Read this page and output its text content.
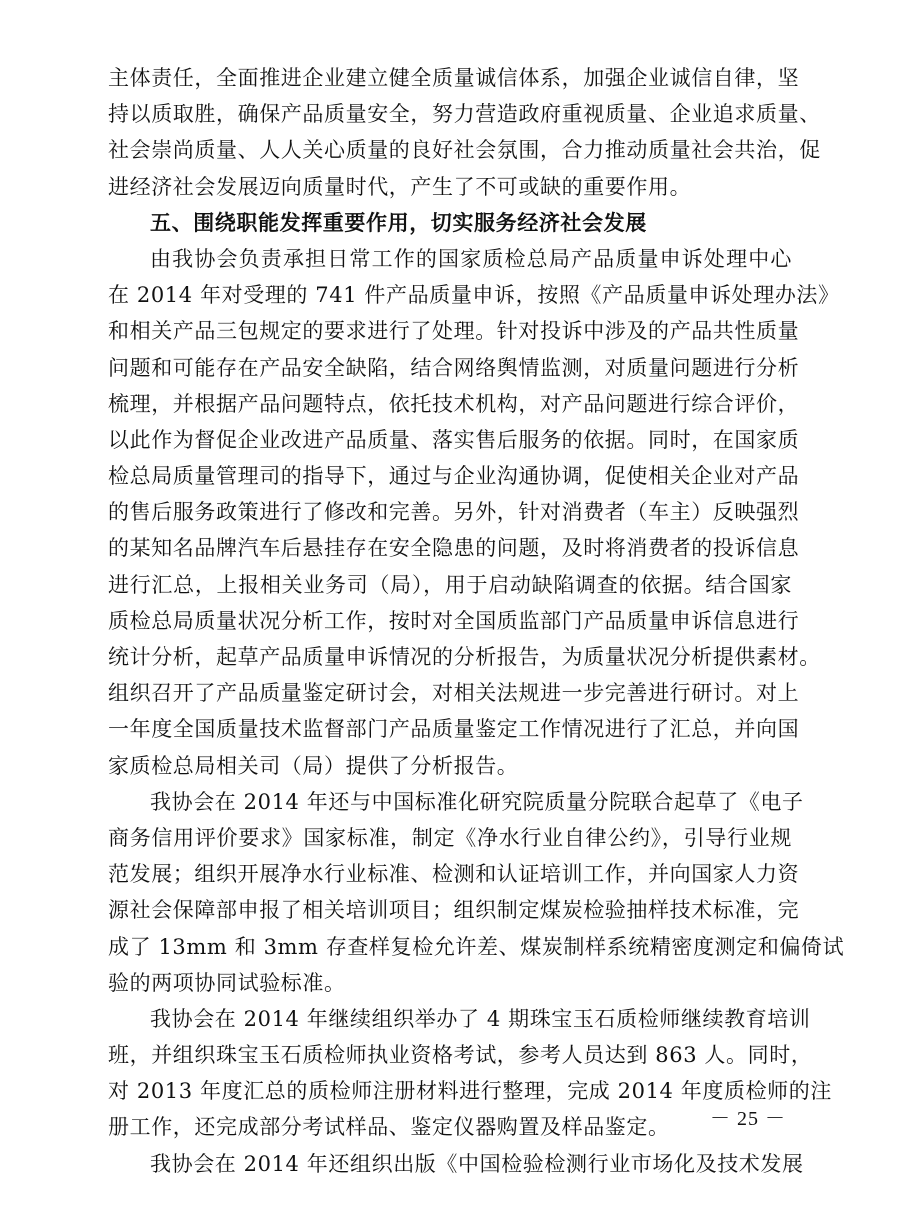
主体责任，全面推进企业建立健全质量诚信体系，加强企业诚信自律，坚
持以质取胜，确保产品质量安全，努力营造政府重视质量、企业追求质量、
社会崇尚质量、人人关心质量的良好社会氛围，合力推动质量社会共治，促
进经济社会发展迈向质量时代，产生了不可或缺的重要作用。
五、围绕职能发挥重要作用，切实服务经济社会发展
由我协会负责承担日常工作的国家质检总局产品质量申诉处理中心
在 2014 年对受理的 741 件产品质量申诉，按照《产品质量申诉处理办法》
和相关产品三包规定的要求进行了处理。针对投诉中涉及的产品共性质量
问题和可能存在产品安全缺陷，结合网络舆情监测，对质量问题进行分析
梳理，并根据产品问题特点，依托技术机构，对产品问题进行综合评价，
以此作为督促企业改进产品质量、落实售后服务的依据。同时，在国家质
检总局质量管理司的指导下，通过与企业沟通协调，促使相关企业对产品
的售后服务政策进行了修改和完善。另外，针对消费者（车主）反映强烈
的某知名品牌汽车后悬挂存在安全隐患的问题，及时将消费者的投诉信息
进行汇总，上报相关业务司（局），用于启动缺陷调查的依据。结合国家
质检总局质量状况分析工作，按时对全国质监部门产品质量申诉信息进行
统计分析，起草产品质量申诉情况的分析报告，为质量状况分析提供素材。
组织召开了产品质量鉴定研讨会，对相关法规进一步完善进行研讨。对上
一年度全国质量技术监督部门产品质量鉴定工作情况进行了汇总，并向国
家质检总局相关司（局）提供了分析报告。
我协会在 2014 年还与中国标准化研究院质量分院联合起草了《电子
商务信用评价要求》国家标准，制定《净水行业自律公约》，引导行业规
范发展；组织开展净水行业标准、检测和认证培训工作，并向国家人力资
源社会保障部申报了相关培训项目；组织制定煤炭检验抽样技术标准，完
成了 13mm 和 3mm 存查样复检允许差、煤炭制样系统精密度测定和偏倚试
验的两项协同试验标准。
我协会在 2014 年继续组织举办了 4 期珠宝玉石质检师继续教育培训
班，并组织珠宝玉石质检师执业资格考试，参考人员达到 863 人。同时，
对 2013 年度汇总的质检师注册材料进行整理，完成 2014 年度质检师的注
册工作，还完成部分考试样品、鉴定仪器购置及样品鉴定。
我协会在 2014 年还组织出版《中国检验检测行业市场化及技术发展
－ 25 －
